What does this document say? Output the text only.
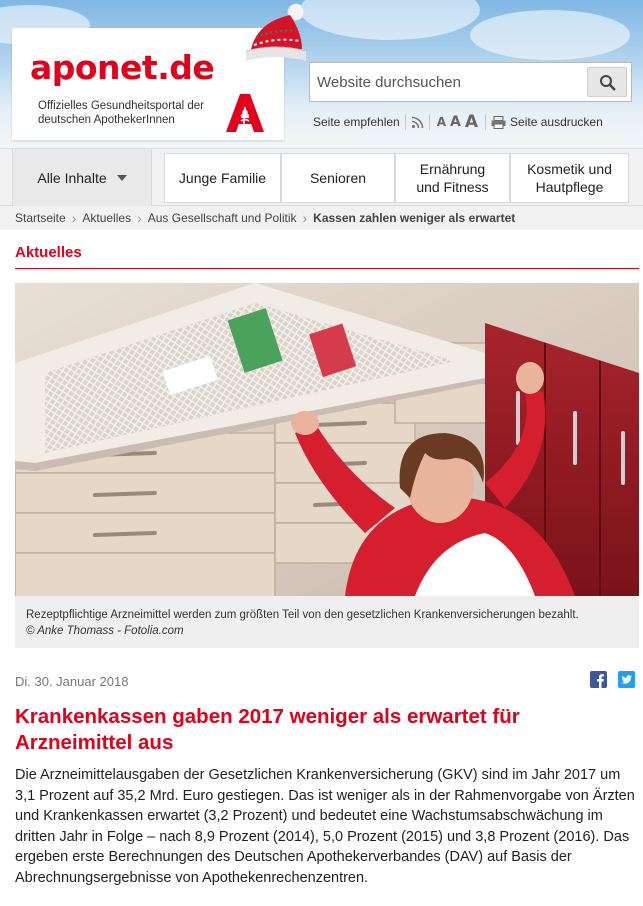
aponet.de
Offizielles Gesundheitsportal der deutschen ApothekerInnen
Website durchsuchen	Seite empfehlen	A A A	Seite ausdrucken
Alle Inhalte	Junge Familie	Senioren
Ernährung und Fitness
Kosmetik und Hautpflege
Startseite › Aktuelles › Aus Gesellschaft und Politik › Kassen zahlen weniger als erwartet
Aktuelles
Rezeptpflichtige Arzneimittel werden zum größten Teil von den gesetzlichen Krankenversicherungen bezahlt.
© Anke Thomass - Fotolia.com
Di. 30. Januar 2018
Krankenkassen gaben 2017 weniger als erwartet für Arzneimittel aus
Die Arzneimittelausgaben der Gesetzlichen Krankenversicherung (GKV) sind im Jahr 2017 um 3,1 Prozent auf 35,2 Mrd. Euro gestiegen. Das ist weniger als in der Rahmenvorgabe von Ärzten und Krankenkassen erwartet (3,2 Prozent) und bedeutet eine Wachstumsabschwächung im dritten Jahr in Folge – nach 8,9 Prozent (2014), 5,0 Prozent (2015) und 3,8 Prozent (2016). Das ergeben erste Berechnungen des Deutschen Apothekerverbandes (DAV) auf Basis der Abrechnungsergebnisse von Apothekenrechenzentren.
